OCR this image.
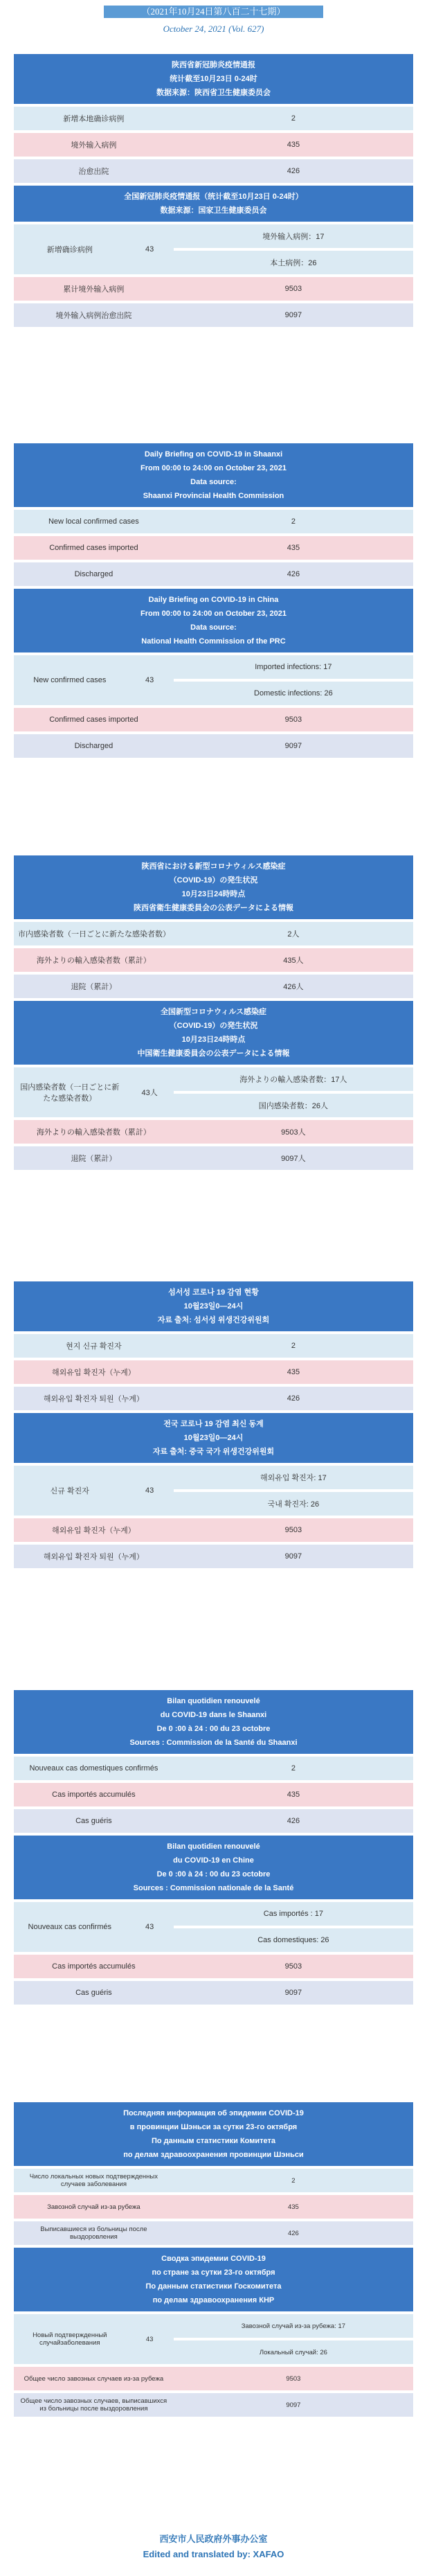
（2021年10月24日第八百二十七期）
October 24, 2021 (Vol. 627)
陕西省新冠肺炎疫情通报
统计截至10月23日 0-24时
数据来源：陕西省卫生健康委员会
新增本地确诊病例	2
境外输入病例	435
治愈出院	426
全国新冠肺炎疫情通报（统计截至10月23日 0-24时）
数据来源：国家卫生健康委员会
新增确诊病例	43	境外输入病例：17
		本土病例：26
累计境外输入病例		9503
境外输入病例治愈出院		9097
Daily Briefing on COVID-19 in Shaanxi
From 00:00 to 24:00 on October 23, 2021
Data source:
Shaanxi Provincial Health Commission
New local confirmed cases	2
Confirmed cases imported	435
Discharged	426
Daily Briefing on COVID-19 in China
From 00:00 to 24:00 on October 23, 2021
Data source:
National Health Commission of the PRC
New confirmed cases	43	Imported infections: 17
		Domestic infections: 26
Confirmed cases imported		9503
Discharged		9097
陝西省における新型コロナウィルス感染症
（COVID-19）の発生状況
10月23日24時時点
陝西省衛生健康委員会の公表データによる情報
市内感染者数（一日ごとに新たな感染者数）	2人
海外よりの輸入感染者数（累計）	435人
退院（累計）	426人
全国新型コロナウィルス感染症
（COVID-19）の発生状況
10月23日24時時点
中国衛生健康委員会の公表データによる情報
国内感染者数（一日ごとに新たな感染者数）	43人	海外よりの輸入感染者数：17人
		国内感染者数：26人
海外よりの輸入感染者数（累計）		9503人
退院（累計）		9097人
섬서성 코로나 19 감염 현황
10월23일0—24시
자료 출처: 섬서성 위생건강위원회
현지 신규 확진자	2
해외유입 확진자（누계）	435
해외유입 확진자 퇴원（누계）	426
전국 코로나 19 감염 최신 동계
10월23일0—24시
자료 출처: 중국 국가 위생건강위원회
신규 확진자	43	해외유입 확진자: 17
		국내 확진자: 26
해외유입 확진자（누계）		9503
해외유입 확진자 퇴원（누계）		9097
Bilan quotidien renouvelé
du COVID-19 dans le Shaanxi
De 0 :00 à 24 : 00 du 23 octobre
Sources : Commission de la Santé du Shaanxi
Nouveaux cas domestiques confirmés	2
Cas importés accumulés	435
Cas guéris	426
Bilan quotidien renouvelé
du COVID-19 en Chine
De 0 :00 à 24 : 00 du 23 octobre
Sources : Commission nationale de la Santé
Nouveaux cas confirmés	43	Cas importés : 17
		Cas domestiques: 26
Cas importés accumulés		9503
Cas guéris		9097
Последняя информация об эпидемии COVID-19
в провинции Шэньси за сутки 23-го октября
По данным статистики Комитета
по делам здравоохранения провинции Шэньси
Число локальных новых подтвержденных случаев заболевания	2
Завозной случай из-за рубежа	435
Выписавшиеся из больницы после выздоровления	426
Сводка эпидемии COVID-19
по стране за сутки 23-го октября
По данным статистики Госкомитета
по делам здравоохранения КНР
Новый подтвержденный случайзаболевания	43	Завозной случай из-за рубежа: 17
		Локальный случай: 26
Общее число завозных случаев из-за рубежа		9503
Общее число завозных случаев, выписавшихся из больницы после выздоровления		9097
西安市人民政府外事办公室
Edited and translated by: XAFAO
